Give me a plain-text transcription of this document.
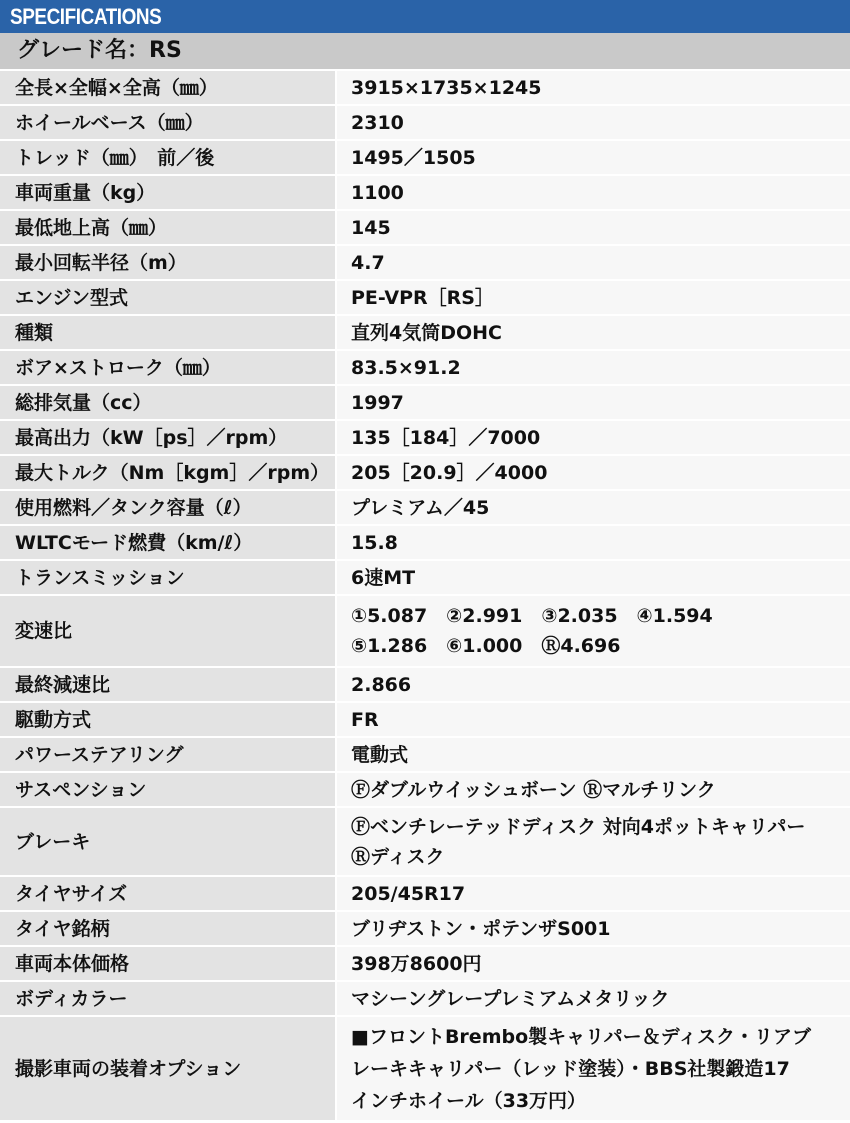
SPECIFICATIONS
グレード名：RS
全長×全幅×全高（㎜）	3915×1735×1245
ホイールベース（㎜）	2310
トレッド（㎜）　前／後	1495／1505
車両重量（kg）	1100
最低地上高（㎜）	145
最小回転半径（m）	4.7
エンジン型式	PE-VPR［RS］
種類	直列4気筒DOHC
ボア×ストローク（㎜）	83.5×91.2
総排気量（cc）	1997
最高出力（kW［ps］／rpm）	135［184］／7000
最大トルク（Nm［kgm］／rpm）	205［20.9］／4000
使用燃料／タンク容量（ℓ）	プレミアム／45
WLTCモード燃費（km/ℓ）	15.8
トランスミッション	6速MT
変速比	①5.087　②2.991　③2.035　④1.594
⑤1.286　⑥1.000　Ⓡ4.696

最終減速比	2.866
駆動方式	FR
パワーステアリング	電動式
サスペンション	Ⓕダブルウイッシュボーン Ⓡマルチリンク
ブレーキ	Ⓕベンチレーテッドディスク 対向4ポットキャリパー
Ⓡディスク

タイヤサイズ	205/45R17
タイヤ銘柄	ブリヂストン・ポテンザS001
車両本体価格	398万8600円
ボディカラー	マシーングレープレミアムメタリック
撮影車両の装着オプション	■フロントBrembo製キャリパー＆ディスク・リアブ
レーキキャリパー（レッド塗装）・BBS社製鍛造17
インチホイール（33万円）
